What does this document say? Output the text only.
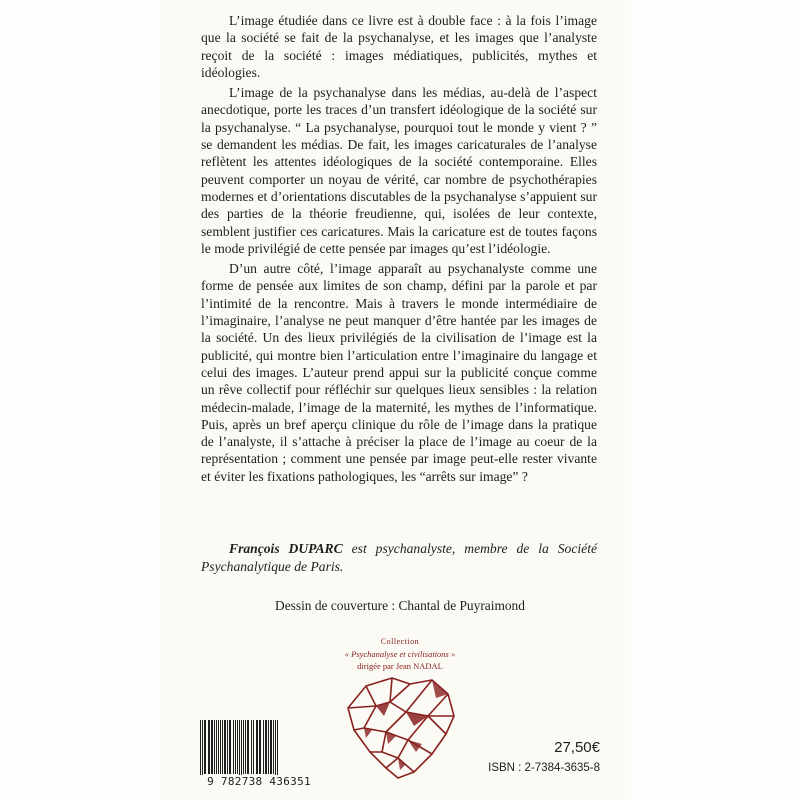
L’image étudiée dans ce livre est à double face : à la fois l’image que la société se fait de la psychanalyse, et les images que l’analyste reçoit de la société : images médiatiques, publicités, mythes et idéologies.

L’image de la psychanalyse dans les médias, au-delà de l’aspect anecdotique, porte les traces d’un transfert idéologique de la société sur la psychanalyse. “ La psychanalyse, pourquoi tout le monde y vient ? ” se demandent les médias. De fait, les images caricaturales de l’analyse reflètent les attentes idéologiques de la société contemporaine. Elles peuvent comporter un noyau de vérité, car nombre de psychothérapies modernes et d’orientations discutables de la psychanalyse s’appuient sur des parties de la théorie freudienne, qui, isolées de leur contexte, semblent justifier ces caricatures. Mais la caricature est de toutes façons le mode privilégié de cette pensée par images qu’est l’idéologie.

D’un autre côté, l’image apparaît au psychanalyste comme une forme de pensée aux limites de son champ, défini par la parole et par l’intimité de la rencontre. Mais à travers le monde intermédiaire de l’imaginaire, l’analyse ne peut manquer d’être hantée par les images de la société. Un des lieux privilégiés de la civilisation de l’image est la publicité, qui montre bien l’articulation entre l’imaginaire du langage et celui des images. L’auteur prend appui sur la publicité conçue comme un rêve collectif pour réfléchir sur quelques lieux sensibles : la relation médecin-malade, l’image de la maternité, les mythes de l’informatique. Puis, après un bref aperçu clinique du rôle de l’image dans la pratique de l’analyste, il s’attache à préciser la place de l’image au coeur de la représentation ; comment une pensée par image peut-elle rester vivante et éviter les fixations pathologiques, les “arrêts sur image” ?

François DUPARC est psychanalyste, membre de la Société Psychanalytique de Paris.
Dessin de couverture : Chantal de Puyraimond
Collection
« Psychanalyse et civilisations »
dirigée par Jean NADAL
9 782738 436351
27,50€
ISBN : 2-7384-3635-8
